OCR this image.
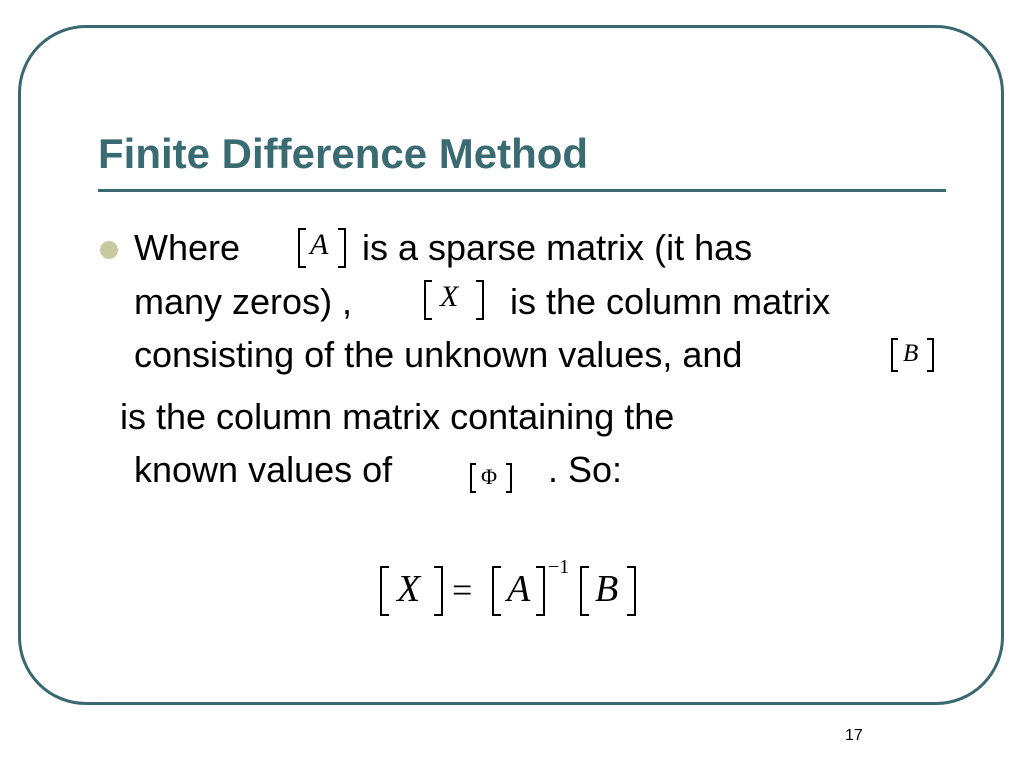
Finite Difference Method
Where A is a sparse matrix (it has
many zeros) ,	X is the column matrix
consisting of the unknown values, and	B
is the column matrix containing the
known values of	Φ . So:
X = A
−1
B
17
